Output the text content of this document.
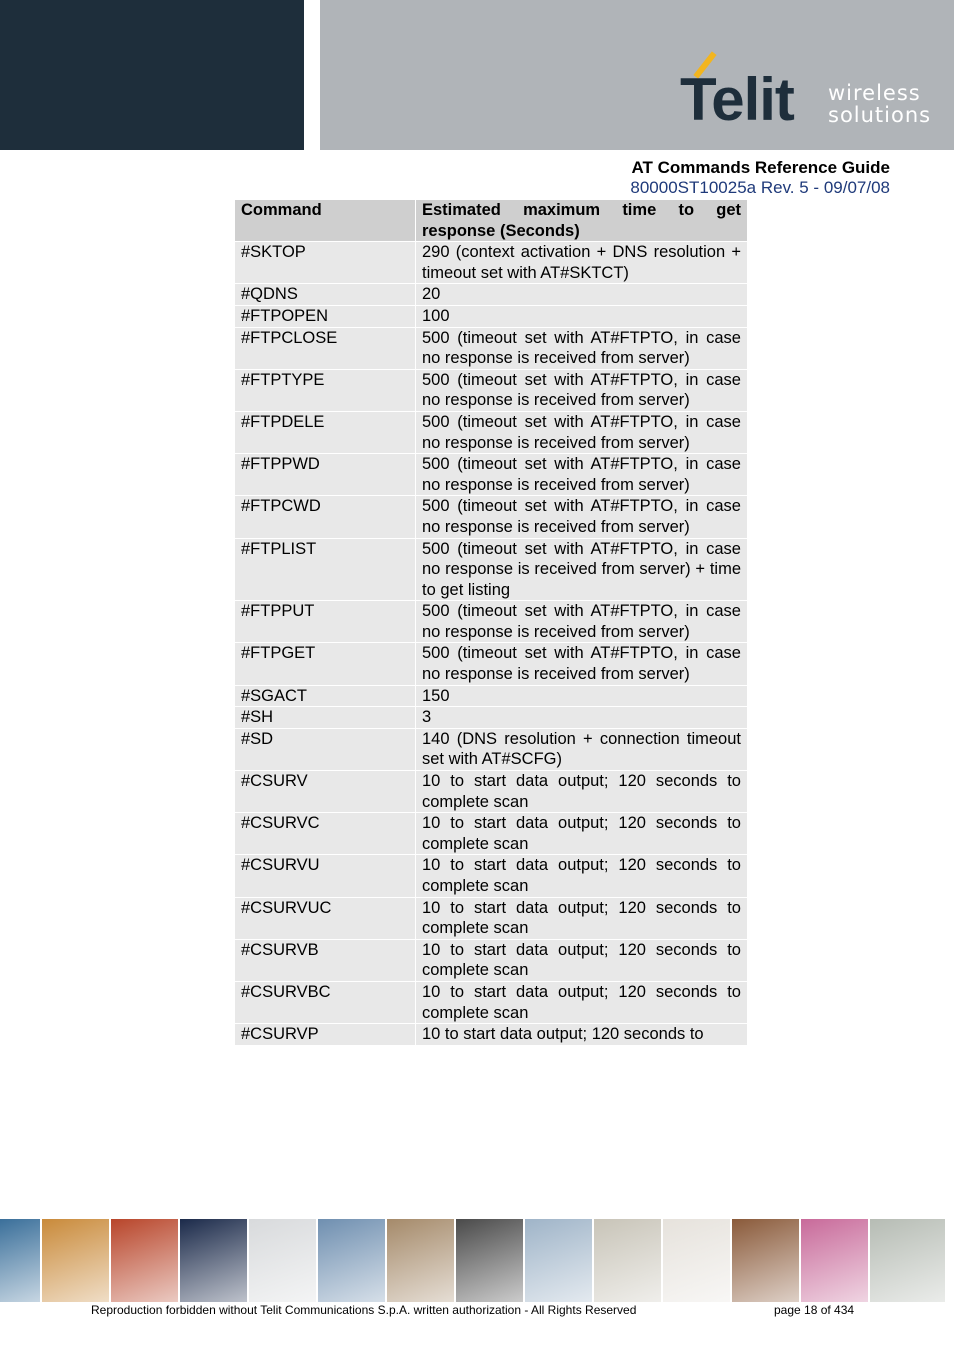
Telit wireless
solutions
AT Commands Reference Guide
80000ST10025a Rev. 5 - 09/07/08
Command	Estimated maximum time to get response (Seconds)
#SKTOP	290 (context activation + DNS resolution + timeout set with AT#SKTCT)
#QDNS	20
#FTPOPEN	100
#FTPCLOSE	500 (timeout set with AT#FTPTO, in case no response is received from server)
#FTPTYPE	500 (timeout set with AT#FTPTO, in case no response is received from server)
#FTPDELE	500 (timeout set with AT#FTPTO, in case no response is received from server)
#FTPPWD	500 (timeout set with AT#FTPTO, in case no response is received from server)
#FTPCWD	500 (timeout set with AT#FTPTO, in case no response is received from server)
#FTPLIST	500 (timeout set with AT#FTPTO, in case no response is received from server) + time to get listing
#FTPPUT	500 (timeout set with AT#FTPTO, in case no response is received from server)
#FTPGET	500 (timeout set with AT#FTPTO, in case no response is received from server)
#SGACT	150
#SH	3
#SD	140 (DNS resolution + connection timeout set with AT#SCFG)
#CSURV	10 to start data output; 120 seconds to complete scan
#CSURVC	10 to start data output; 120 seconds to complete scan
#CSURVU	10 to start data output; 120 seconds to complete scan
#CSURVUC	10 to start data output; 120 seconds to complete scan
#CSURVB	10 to start data output; 120 seconds to complete scan
#CSURVBC	10 to start data output; 120 seconds to complete scan
#CSURVP	10 to start data output; 120 seconds to
Reproduction forbidden without Telit Communications S.p.A. written authorization - All Rights Reserved	page 18 of 434
